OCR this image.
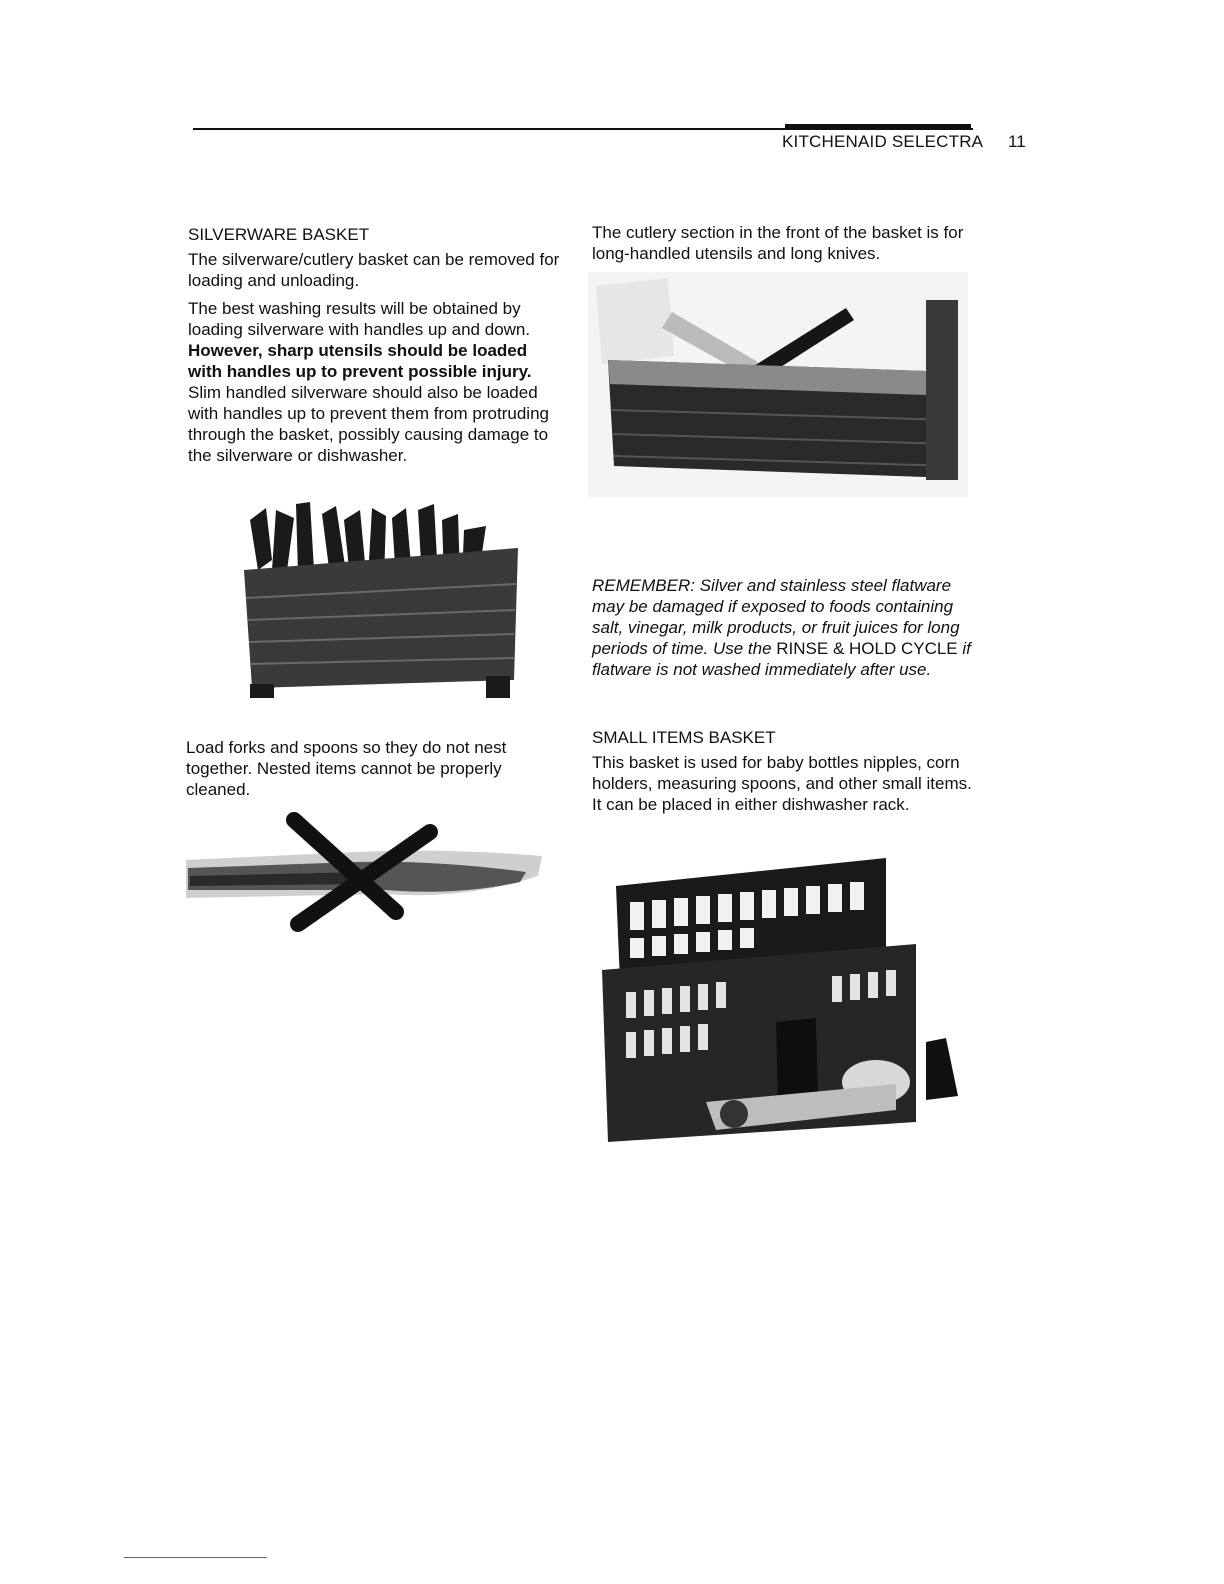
KITCHENAID SELECTRA 11
SILVERWARE BASKET

The silverware/cutlery basket can be removed for loading and unloading.

The best washing results will be obtained by loading silverware with handles up and down. However, sharp utensils should be loaded with handles up to prevent possible injury. Slim handled silverware should also be loaded with handles up to prevent them from protruding through the basket, possibly causing damage to the silverware or dishwasher.

Load forks and spoons so they do not nest together. Nested items cannot be properly cleaned.

The cutlery section in the front of the basket is for long-handled utensils and long knives.

REMEMBER: Silver and stainless steel flatware may be damaged if exposed to foods containing salt, vinegar, milk products, or fruit juices for long periods of time. Use the RINSE & HOLD CYCLE if flatware is not washed immediately after use.
SMALL ITEMS BASKET

This basket is used for baby bottles nipples, corn holders, measuring spoons, and other small items. It can be placed in either dishwasher rack.
